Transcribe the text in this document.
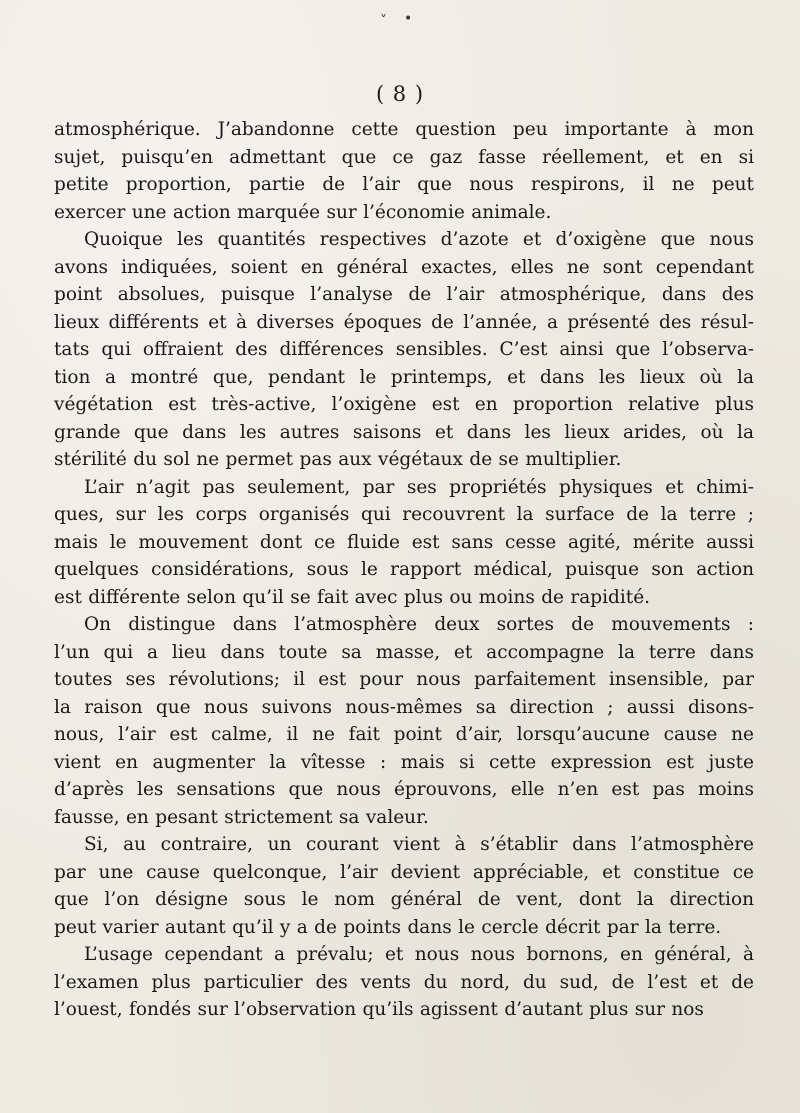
˅ •
( 8 )
atmosphérique. J’abandonne cette question peu importante à mon
sujet, puisqu’en admettant que ce gaz fasse réellement, et en si
petite proportion, partie de l’air que nous respirons, il ne peut
exercer une action marquée sur l’économie animale.
Quoique les quantités respectives d’azote et d’oxigène que nous
avons indiquées, soient en général exactes, elles ne sont cependant
point absolues, puisque l’analyse de l’air atmosphérique, dans des
lieux différents et à diverses époques de l’année, a présenté des résul-
tats qui offraient des différences sensibles. C’est ainsi que l’observa-
tion a montré que, pendant le printemps, et dans les lieux où la
végétation est très-active, l’oxigène est en proportion relative plus
grande que dans les autres saisons et dans les lieux arides, où la
stérilité du sol ne permet pas aux végétaux de se multiplier.
L’air n’agit pas seulement, par ses propriétés physiques et chimi-
ques, sur les corps organisés qui recouvrent la surface de la terre ;
mais le mouvement dont ce fluide est sans cesse agité, mérite aussi
quelques considérations, sous le rapport médical, puisque son action
est différente selon qu’il se fait avec plus ou moins de rapidité.
On distingue dans l’atmosphère deux sortes de mouvements :
l’un qui a lieu dans toute sa masse, et accompagne la terre dans
toutes ses révolutions; il est pour nous parfaitement insensible, par
la raison que nous suivons nous-mêmes sa direction ; aussi disons-
nous, l’air est calme, il ne fait point d’air, lorsqu’aucune cause ne
vient en augmenter la vîtesse : mais si cette expression est juste
d’après les sensations que nous éprouvons, elle n’en est pas moins
fausse, en pesant strictement sa valeur.
Si, au contraire, un courant vient à s’établir dans l’atmosphère
par une cause quelconque, l’air devient appréciable, et constitue ce
que l’on désigne sous le nom général de vent, dont la direction
peut varier autant qu’il y a de points dans le cercle décrit par la terre.
L’usage cependant a prévalu; et nous nous bornons, en général, à
l’examen plus particulier des vents du nord, du sud, de l’est et de
l’ouest, fondés sur l’observation qu’ils agissent d’autant plus sur nos
